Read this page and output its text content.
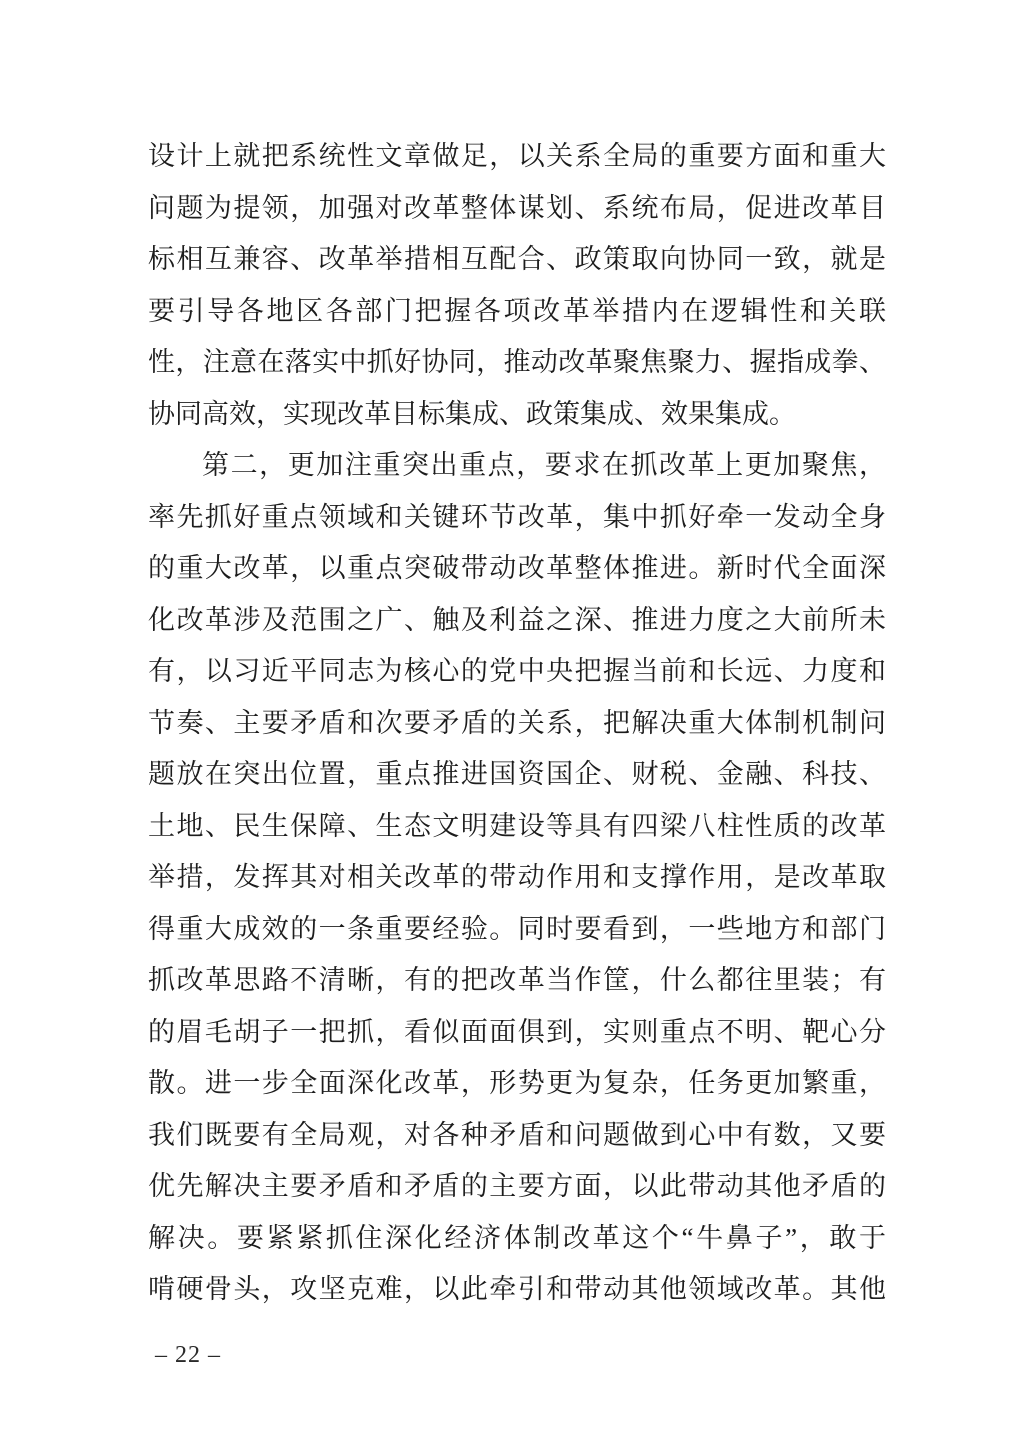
设计上就把系统性文章做足，以关系全局的重要方面和重大
问题为提领，加强对改革整体谋划、系统布局，促进改革目
标相互兼容、改革举措相互配合、政策取向协同一致，就是
要引导各地区各部门把握各项改革举措内在逻辑性和关联
性，注意在落实中抓好协同，推动改革聚焦聚力、握指成拳、
协同高效，实现改革目标集成、政策集成、效果集成。
第二，更加注重突出重点，要求在抓改革上更加聚焦，
率先抓好重点领域和关键环节改革，集中抓好牵一发动全身
的重大改革，以重点突破带动改革整体推进。新时代全面深
化改革涉及范围之广、触及利益之深、推进力度之大前所未
有，以习近平同志为核心的党中央把握当前和长远、力度和
节奏、主要矛盾和次要矛盾的关系，把解决重大体制机制问
题放在突出位置，重点推进国资国企、财税、金融、科技、
土地、民生保障、生态文明建设等具有四梁八柱性质的改革
举措，发挥其对相关改革的带动作用和支撑作用，是改革取
得重大成效的一条重要经验。同时要看到，一些地方和部门
抓改革思路不清晰，有的把改革当作筐，什么都往里装；有
的眉毛胡子一把抓，看似面面俱到，实则重点不明、靶心分
散。进一步全面深化改革，形势更为复杂，任务更加繁重，
我们既要有全局观，对各种矛盾和问题做到心中有数，又要
优先解决主要矛盾和矛盾的主要方面，以此带动其他矛盾的
解决。要紧紧抓住深化经济体制改革这个“牛鼻子”，敢于
啃硬骨头，攻坚克难，以此牵引和带动其他领域改革。其他
– 22 –
